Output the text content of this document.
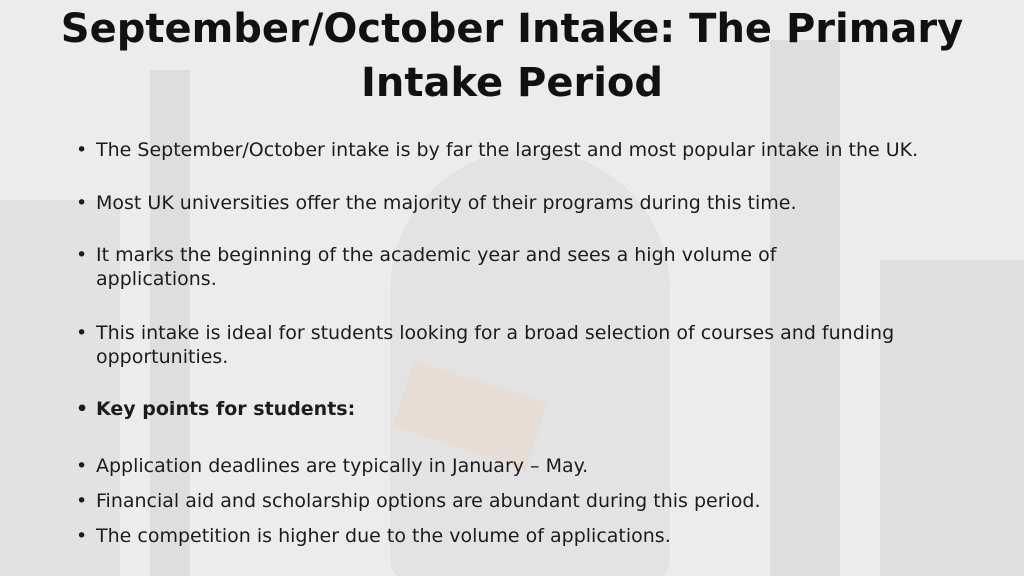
September/October Intake: The Primary
Intake Period
• The September/October intake is by far the largest and most popular intake in the UK.
• Most UK universities offer the majority of their programs during this time.
• It marks the beginning of the academic year and sees a high volume of applications.
• This intake is ideal for students looking for a broad selection of courses and funding opportunities.
• Key points for students:
• Application deadlines are typically in January – May.
• Financial aid and scholarship options are abundant during this period.
• The competition is higher due to the volume of applications.
